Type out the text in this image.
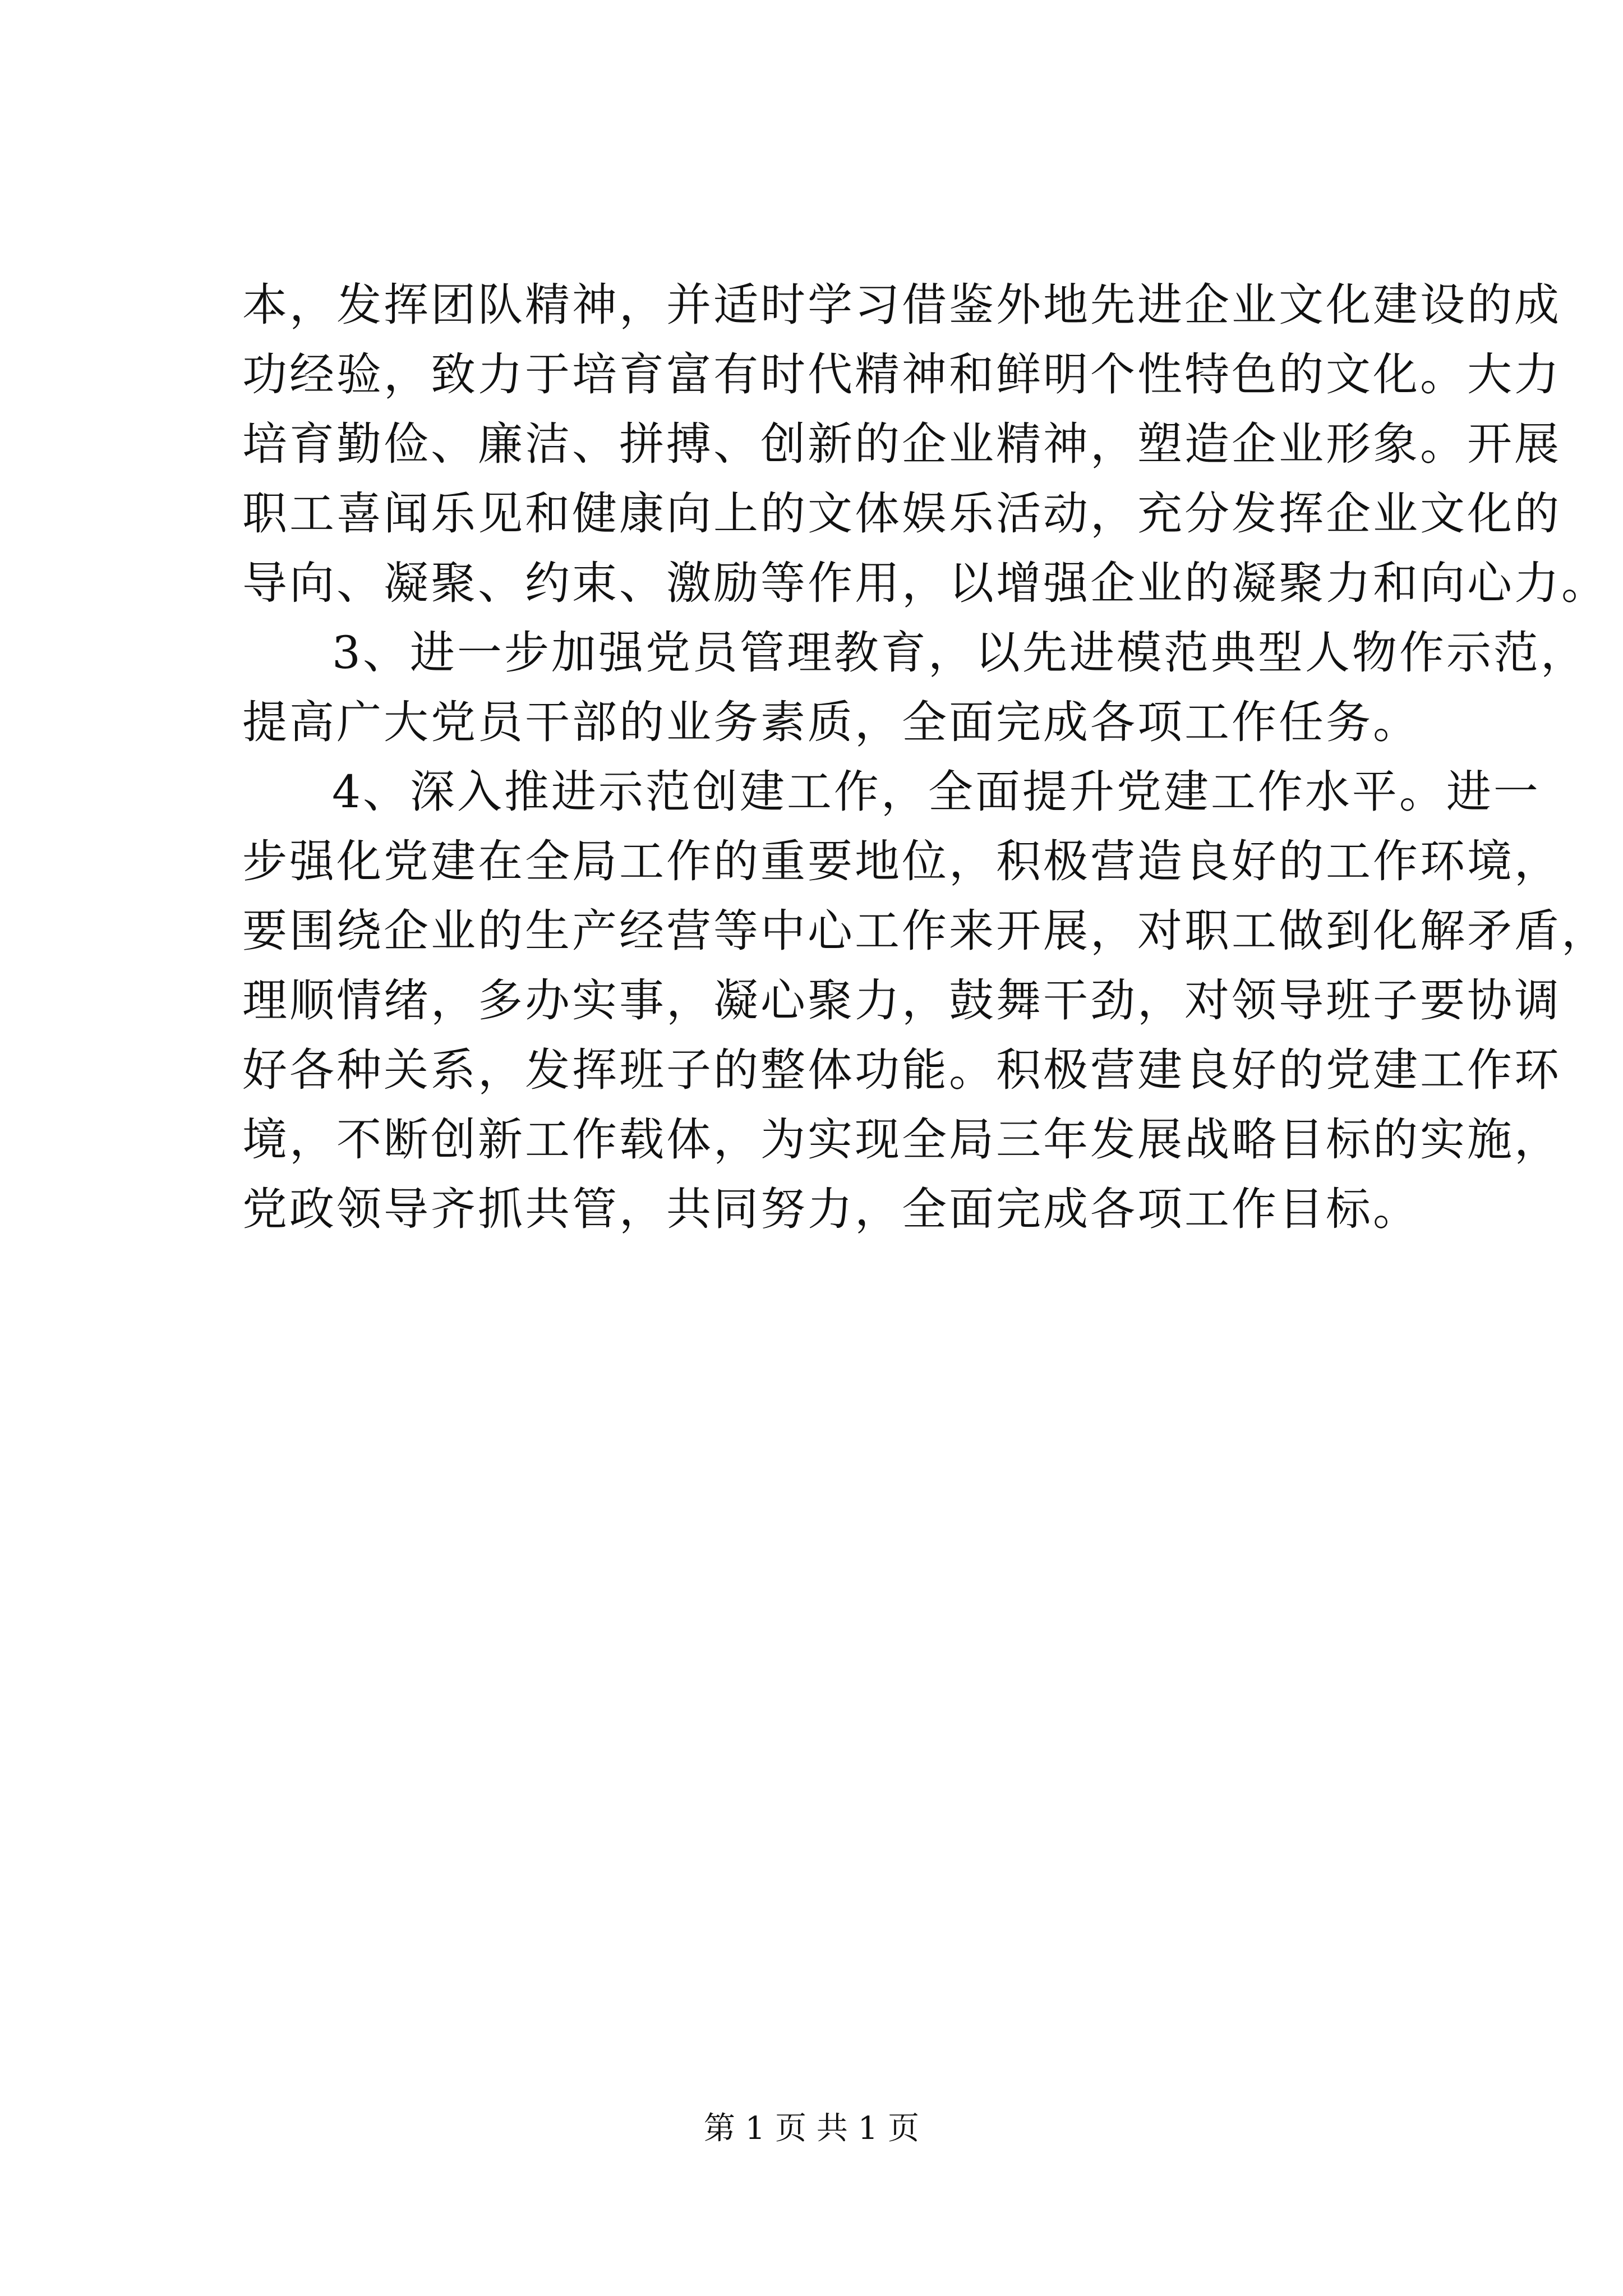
本，发挥团队精神，并适时学习借鉴外地先进企业文化建设的成
功经验，致力于培育富有时代精神和鲜明个性特色的文化。大力
培育勤俭、廉洁、拼搏、创新的企业精神，塑造企业形象。开展
职工喜闻乐见和健康向上的文体娱乐活动，充分发挥企业文化的
导向、凝聚、约束、激励等作用，以增强企业的凝聚力和向心力。
3、进一步加强党员管理教育，以先进模范典型人物作示范，
提高广大党员干部的业务素质，全面完成各项工作任务。
4、深入推进示范创建工作，全面提升党建工作水平。进一
步强化党建在全局工作的重要地位，积极营造良好的工作环境，
要围绕企业的生产经营等中心工作来开展，对职工做到化解矛盾，
理顺情绪，多办实事，凝心聚力，鼓舞干劲，对领导班子要协调
好各种关系，发挥班子的整体功能。积极营建良好的党建工作环
境，不断创新工作载体，为实现全局三年发展战略目标的实施，
党政领导齐抓共管，共同努力，全面完成各项工作目标。
第 1 页 共 1 页
